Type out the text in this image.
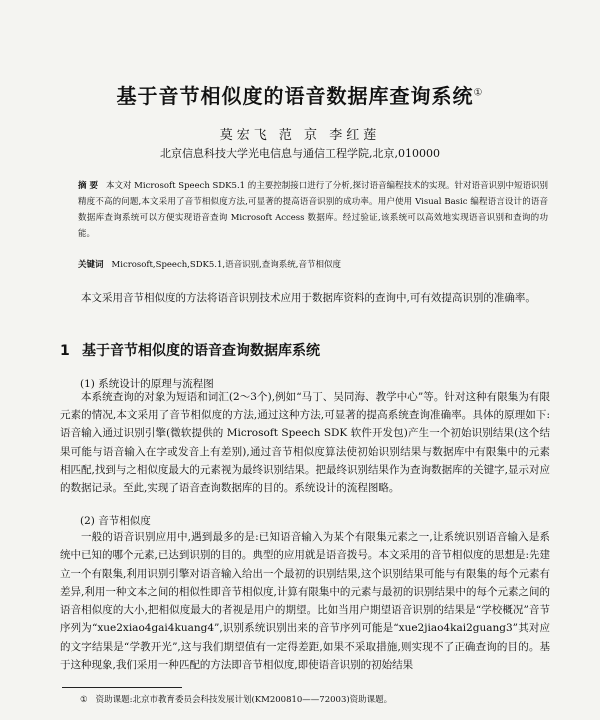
基于音节相似度的语音数据库查询系统①
莫宏飞 范 京 李红莲
北京信息科技大学光电信息与通信工程学院,北京,010000
摘 要 本文对 Microsoft Speech SDK5.1 的主要控制接口进行了分析,探讨语音编程技术的实现。针对语音识别中短语识别精度不高的问题,本文采用了音节相似度方法,可显著的提高语音识别的成功率。用户使用 Visual Basic 编程语言设计的语音数据库查询系统可以方便实现语音查询 Microsoft Access 数据库。经过验证,该系统可以高效地实现语音识别和查询的功能。
关键词 Microsoft,Speech,SDK5.1,语音识别,查询系统,音节相似度
本文采用音节相似度的方法将语音识别技术应用于数据库资料的查询中,可有效提高识别的准确率。
1 基于音节相似度的语音查询数据库系统
(1) 系统设计的原理与流程图
本系统查询的对象为短语和词汇(2～3个),例如“马丁、吴同海、教学中心”等。针对这种有限集为有限元素的情况,本文采用了音节相似度的方法,通过这种方法,可显著的提高系统查询准确率。具体的原理如下:语音输入通过识别引擎(微软提供的 Microsoft Speech SDK 软件开发包)产生一个初始识别结果(这个结果可能与语音输入在字或发音上有差别),通过音节相似度算法使初始识别结果与数据库中有限集中的元素相匹配,找到与之相似度最大的元素视为最终识别结果。把最终识别结果作为查询数据库的关键字,显示对应的数据记录。至此,实现了语音查询数据库的目的。系统设计的流程图略。
(2) 音节相似度
一般的语音识别应用中,遇到最多的是:已知语音输入为某个有限集元素之一,让系统识别语音输入是系统中已知的哪个元素,已达到识别的目的。典型的应用就是语音拨号。本文采用的音节相似度的思想是:先建立一个有限集,利用识别引擎对语音输入给出一个最初的识别结果,这个识别结果可能与有限集的每个元素有差异,利用一种文本之间的相似性即音节相似度,计算有限集中的元素与最初的识别结果中的每个元素之间的语音相似度的大小,把相似度最大的者视是用户的期望。比如当用户期望语音识别的结果是“学校概况”音节序列为“xue2xiao4gai4kuang4”,识别系统识别出来的音节序列可能是“xue2jiao4kai2guang3”其对应的文字结果是“学教开光”,这与我们期望值有一定得差距,如果不采取措施,则实现不了正确查询的目的。基于这种现象,我们采用一种匹配的方法即音节相似度,即使语音识别的初始结果
① 资助课题:北京市教育委员会科技发展计划(KM200810——72003)资助课题。
